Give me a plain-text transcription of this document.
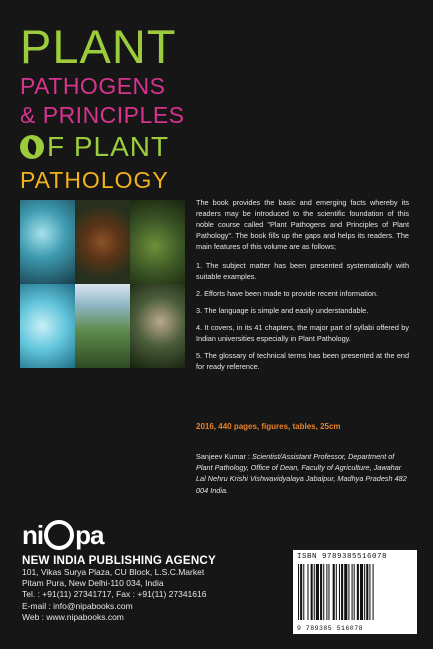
PLANT
PATHOGENS
& PRINCIPLES
F PLANT
PATHOLOGY

The book provides the basic and emerging facts whereby its readers may be introduced to the scientific foundation of this noble course called "Plant Pathogens and Principles of Plant Pathology". The book fills up the gaps and helps its readers. The main features of this volume are as follows;

1. The subject matter has been presented systematically with suitable examples.

2. Efforts have been made to provide recent information.

3. The language is simple and easily understandable.

4. It covers, in its 41 chapters, the major part of syllabi offered by Indian universities especially in Plant Pathology.

5. The glossary of technical terms has been presented at the end for ready reference.

2016, 440 pages, figures, tables, 25cm
Sanjeev Kumar : Scientist/Assistant Professor, Department of Plant Pathology, Office of Dean, Faculty of Agriculture, Jawahar Lal Nehru Krishi Vishwavidyalaya Jabalpur, Madhya Pradesh 482 004 India.
ni pa
NEW INDIA PUBLISHING AGENCY
101, Vikas Surya Plaza, CU Block, L.S.C.Market
Pitam Pura, New Delhi-110 034, India
Tel. : +91(11) 27341717, Fax : +91(11) 27341616
E-mail : info@nipabooks.com
Web : www.nipabooks.com
ISBN 9789385516078
9 789385 516078
